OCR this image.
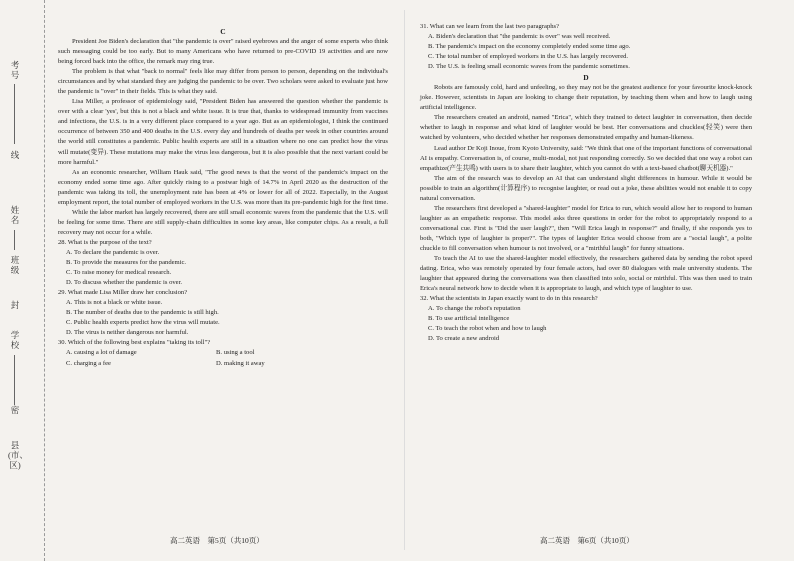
考号
线
姓名
班级
封
学校
密
县(市、区)

C

President Joe Biden's declaration that "the pandemic is over" raised eyebrows and the anger of some experts who think such messaging could be too early. But to many Americans who have returned to pre-COVID 19 activities and are now being forced back into the office, the remark may ring true.

The problem is that what "back to normal" feels like may differ from person to person, depending on the individual's circumstances and by what standard they are judging the pandemic to be over. Two scholars were asked to evaluate just how the pandemic is "over" in their fields. This is what they said.

Lisa Miller, a professor of epidemiology said, "President Biden has answered the question whether the pandemic is over with a clear 'yes', but this is not a black and white issue. It is true that, thanks to widespread immunity from vaccines and infections, the U.S. is in a very different place compared to a year ago. But as an epidemiologist, I think the continued occurrence of between 350 and 400 deaths in the U.S. every day and hundreds of deaths per week in other countries around the world still constitutes a pandemic. Public health experts are still in a situation where no one can predict how the virus will mutate(变异). These mutations may make the virus less dangerous, but it is also possible that the next variant could be more harmful."

As an economic researcher, William Hauk said, "The good news is that the worst of the pandemic's impact on the economy ended some time ago. After quickly rising to a postwar high of 14.7% in April 2020 as the destruction of the pandemic was taking its toll, the unemployment rate has been at 4% or lower for all of 2022. Especially, in the August employment report, the total number of employed workers in the U.S. was more than its pre-pandemic high for the first time.

While the labor market has largely recovered, there are still small economic waves from the pandemic that the U.S. will be feeling for some time. There are still supply-chain difficulties in some key areas, like computer chips. As a result, a full recovery may not occur for a while.

28. What is the purpose of the text?

A. To declare the pandemic is over.

B. To provide the measures for the pandemic.

C. To raise money for medical research.

D. To discuss whether the pandemic is over.

29. What made Lisa Miller draw her conclusion?

A. This is not a black or white issue.

B. The number of deaths due to the pandemic is still high.

C. Public health experts predict how the virus will mutate.

D. The virus is neither dangerous nor harmful.

30. Which of the following best explains "taking its toll"?

A. causing a lot of damage	B. using a tool
C. charging a fee	D. making it away

31. What can we learn from the last two paragraphs?

A. Biden's declaration that "the pandemic is over" was well received.

B. The pandemic's impact on the economy completely ended some time ago.

C. The total number of employed workers in the U.S. has largely recovered.

D. The U.S. is feeling small economic waves from the pandemic sometimes.

D

Robots are famously cold, hard and unfeeling, so they may not be the greatest audience for your favourite knock-knock joke. However, scientists in Japan are looking to change their reputation, by teaching them when and how to laugh using artificial intelligence.

The researchers created an android, named "Erica", which they trained to detect laughter in conversation, then decide whether to laugh in response and what kind of laughter would be best. Her conversations and chuckles(轻笑) were then watched by volunteers, who decided whether her responses demonstrated empathy and human-likeness.

Lead author Dr Koji Inoue, from Kyoto University, said: "We think that one of the important functions of conversational AI is empathy. Conversation is, of course, multi-modal, not just responding correctly. So we decided that one way a robot can empathize(产生共鸣) with users is to share their laughter, which you cannot do with a text-based chatbot(聊天机器)."

The aim of the research was to develop an AI that can understand slight differences in humour. While it would be possible to train an algorithm(计算程序) to recognise laughter, or read out a joke, these abilities would not enable it to copy natural conversation.

The researchers first developed a "shared-laughter" model for Erica to run, which would allow her to respond to human laughter as an empathetic response. This model asks three questions in order for the robot to appropriately respond to a conversational cue. First is "Did the user laugh?", then "Will Erica laugh in response?" and finally, if she responds yes to both, "Which type of laughter is proper?". The types of laughter Erica would choose from are a "social laugh", a polite chuckle to fill conversation when humour is not involved, or a "mirthful laugh" for funny situations.

To teach the AI to use the shared-laughter model effectively, the researchers gathered data by sending the robot speed dating. Erica, who was remotely operated by four female actors, had over 80 dialogues with male university students. The laughter that appeared during the conversations was then classified into solo, social or mirthful. This was then used to train Erica's neural network how to decide when it is appropriate to laugh, and which type of laughter to use.

32. What the scientists in Japan exactly want to do in this research?

A. To change the robot's reputation

B. To use artificial intelligence

C. To teach the robot when and how to laugh

D. To create a new android

高二英语　第5页（共10页）	高二英语　第6页（共10页）
